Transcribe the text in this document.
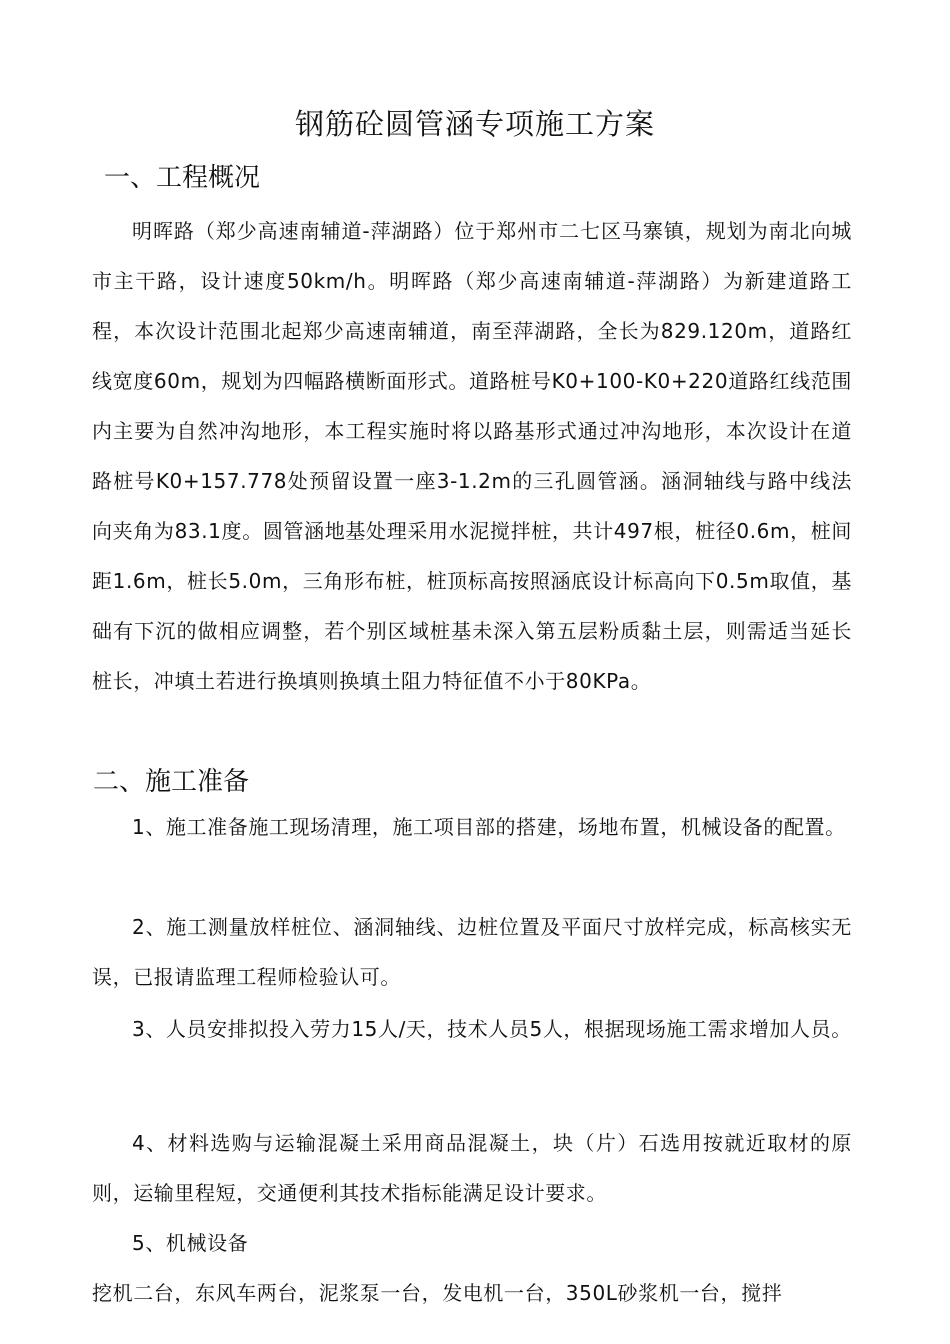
钢筋砼圆管涵专项施工方案
一、工程概况

明晖路（郑少高速南辅道-萍湖路）位于郑州市二七区马寨镇，规划为南北向城市主干路，设计速度50km/h。明晖路（郑少高速南辅道-萍湖路）为新建道路工程，本次设计范围北起郑少高速南辅道，南至萍湖路，全长为829.120m，道路红线宽度60m，规划为四幅路横断面形式。道路桩号K0+100-K0+220道路红线范围内主要为自然冲沟地形，本工程实施时将以路基形式通过冲沟地形，本次设计在道路桩号K0+157.778处预留设置一座3-1.2m的三孔圆管涵。涵洞轴线与路中线法向夹角为83.1度。圆管涵地基处理采用水泥搅拌桩，共计497根，桩径0.6m，桩间距1.6m，桩长5.0m，三角形布桩，桩顶标高按照涵底设计标高向下0.5m取值，基础有下沉的做相应调整，若个别区域桩基未深入第五层粉质黏土层，则需适当延长桩长，冲填土若进行换填则换填土阻力特征值不小于80KPa。

二、施工准备

1、施工准备施工现场清理，施工项目部的搭建，场地布置，机械设备的配置。

2、施工测量放样桩位、涵洞轴线、边桩位置及平面尺寸放样完成，标高核实无误，已报请监理工程师检验认可。

3、人员安排拟投入劳力15人/天，技术人员5人，根据现场施工需求增加人员。

4、材料选购与运输混凝土采用商品混凝土，块（片）石选用按就近取材的原则，运输里程短，交通便利其技术指标能满足设计要求。

5、机械设备

挖机二台，东风车两台，泥浆泵一台，发电机一台，350L砂浆机一台，搅拌
